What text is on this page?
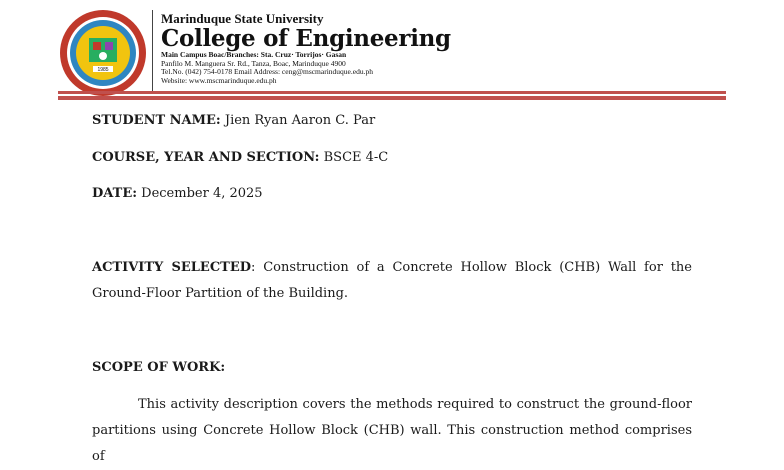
1985
Marinduque State University
College of Engineering
Main Campus Boac/Branches: Sta. Cruz· Torrijos· Gasan
Panfilo M. Manguera Sr. Rd., Tanza, Boac, Marinduque 4900
Tel.No. (042) 754-0178 Email Address: ceng@mscmarinduque.edu.ph
Website: www.mscmarinduque.edu.ph
STUDENT NAME: Jien Ryan Aaron C. Par
COURSE, YEAR AND SECTION: BSCE 4-C
DATE: December 4, 2025
ACTIVITY SELECTED: Construction of a Concrete Hollow Block (CHB) Wall for the Ground-Floor Partition of the Building.
SCOPE OF WORK:
This activity description covers the methods required to construct the ground-floor partitions using Concrete Hollow Block (CHB) wall. This construction method comprises of
